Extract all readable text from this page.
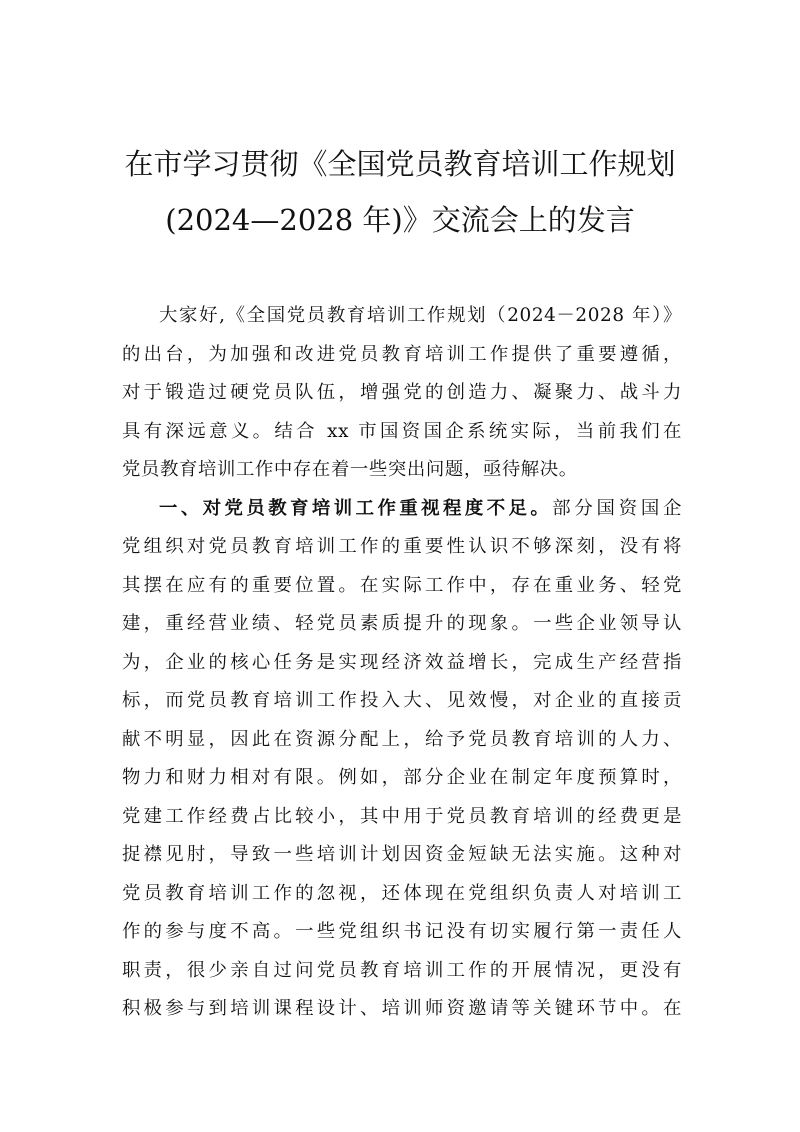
在市学习贯彻《全国党员教育培训工作规划
(2024—2028 年)》交流会上的发言
大家好,《全国党员教育培训工作规划（2024－2028 年）》
的出台，为加强和改进党员教育培训工作提供了重要遵循，
对于锻造过硬党员队伍，增强党的创造力、凝聚力、战斗力
具有深远意义。结合 xx 市国资国企系统实际，当前我们在
党员教育培训工作中存在着一些突出问题，亟待解决。
一、对党员教育培训工作重视程度不足。部分国资国企
党组织对党员教育培训工作的重要性认识不够深刻，没有将
其摆在应有的重要位置。在实际工作中，存在重业务、轻党
建，重经营业绩、轻党员素质提升的现象。一些企业领导认
为，企业的核心任务是实现经济效益增长，完成生产经营指
标，而党员教育培训工作投入大、见效慢，对企业的直接贡
献不明显，因此在资源分配上，给予党员教育培训的人力、
物力和财力相对有限。例如，部分企业在制定年度预算时，
党建工作经费占比较小，其中用于党员教育培训的经费更是
捉襟见肘，导致一些培训计划因资金短缺无法实施。这种对
党员教育培训工作的忽视，还体现在党组织负责人对培训工
作的参与度不高。一些党组织书记没有切实履行第一责任人
职责，很少亲自过问党员教育培训工作的开展情况，更没有
积极参与到培训课程设计、培训师资邀请等关键环节中。在
